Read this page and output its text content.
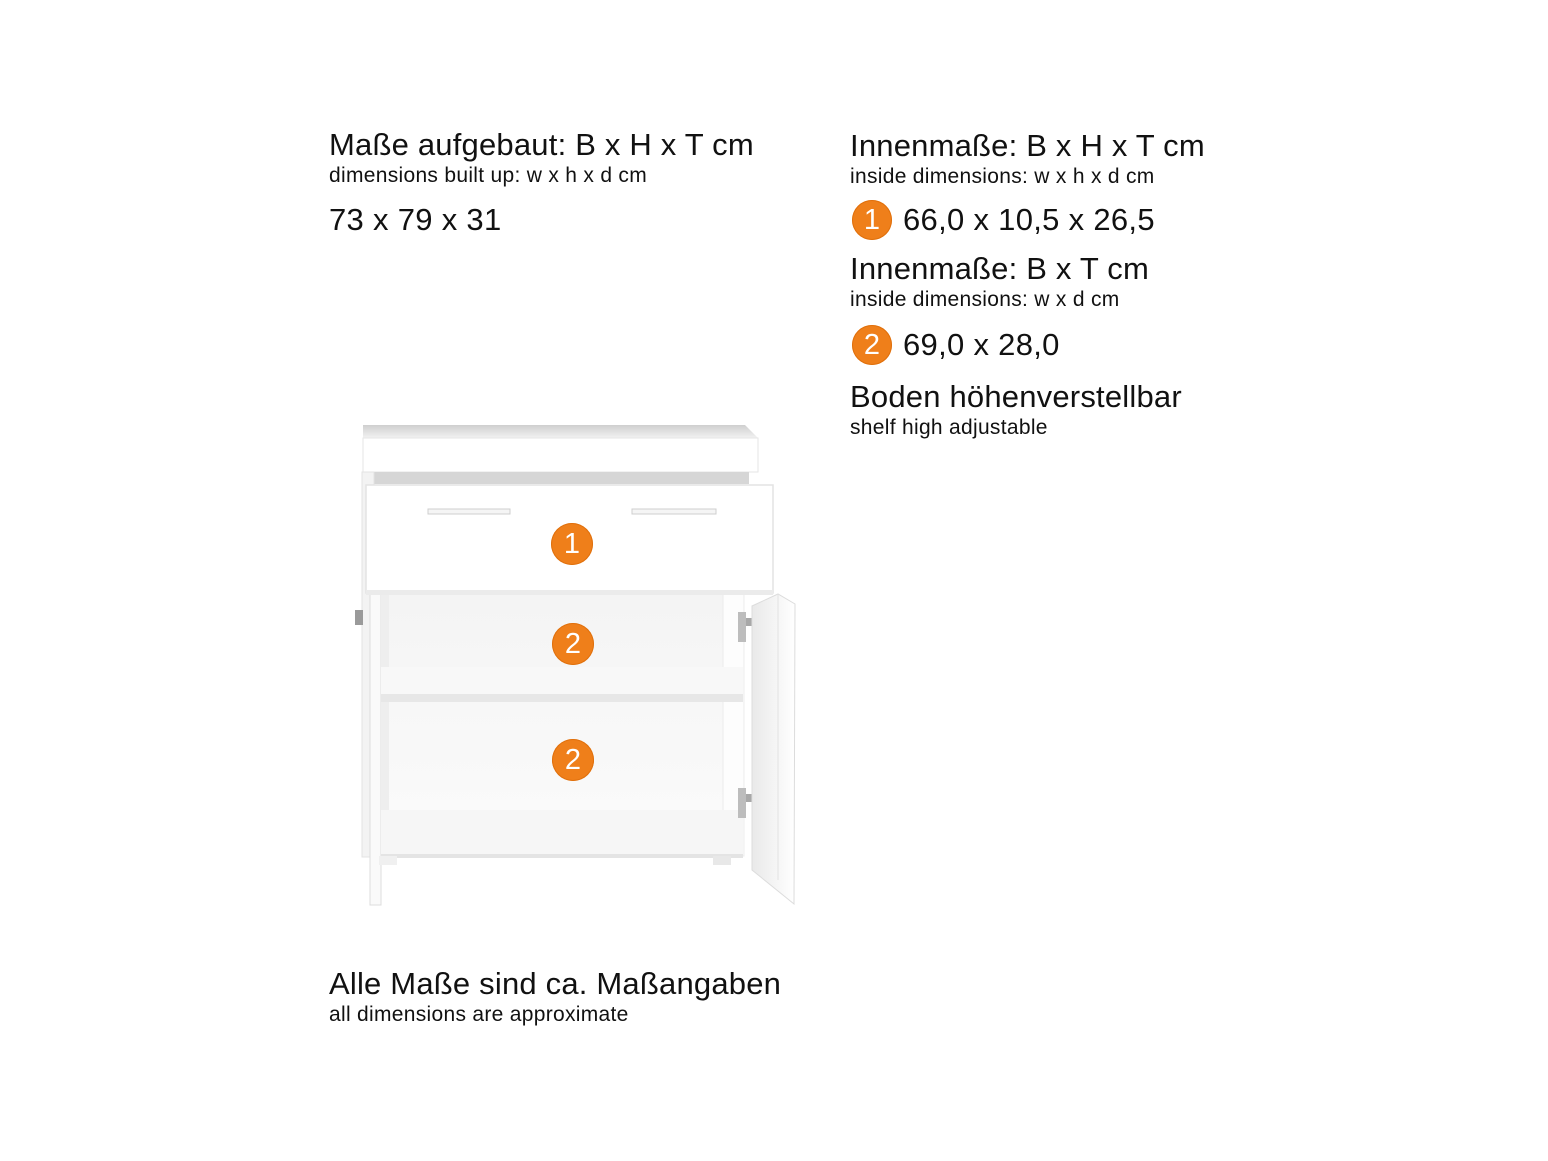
Maße aufgebaut: B x H x T cm
dimensions built up: w x h x d cm
73 x 79 x 31
Innenmaße: B x H x T cm
inside dimensions: w x h x d cm
1 66,0 x 10,5 x 26,5
Innenmaße: B x T cm
inside dimensions: w x d cm
2 69,0 x 28,0
Boden höhenverstellbar
shelf high adjustable
1
2
2
Alle Maße sind ca. Maßangaben
all dimensions are approximate
